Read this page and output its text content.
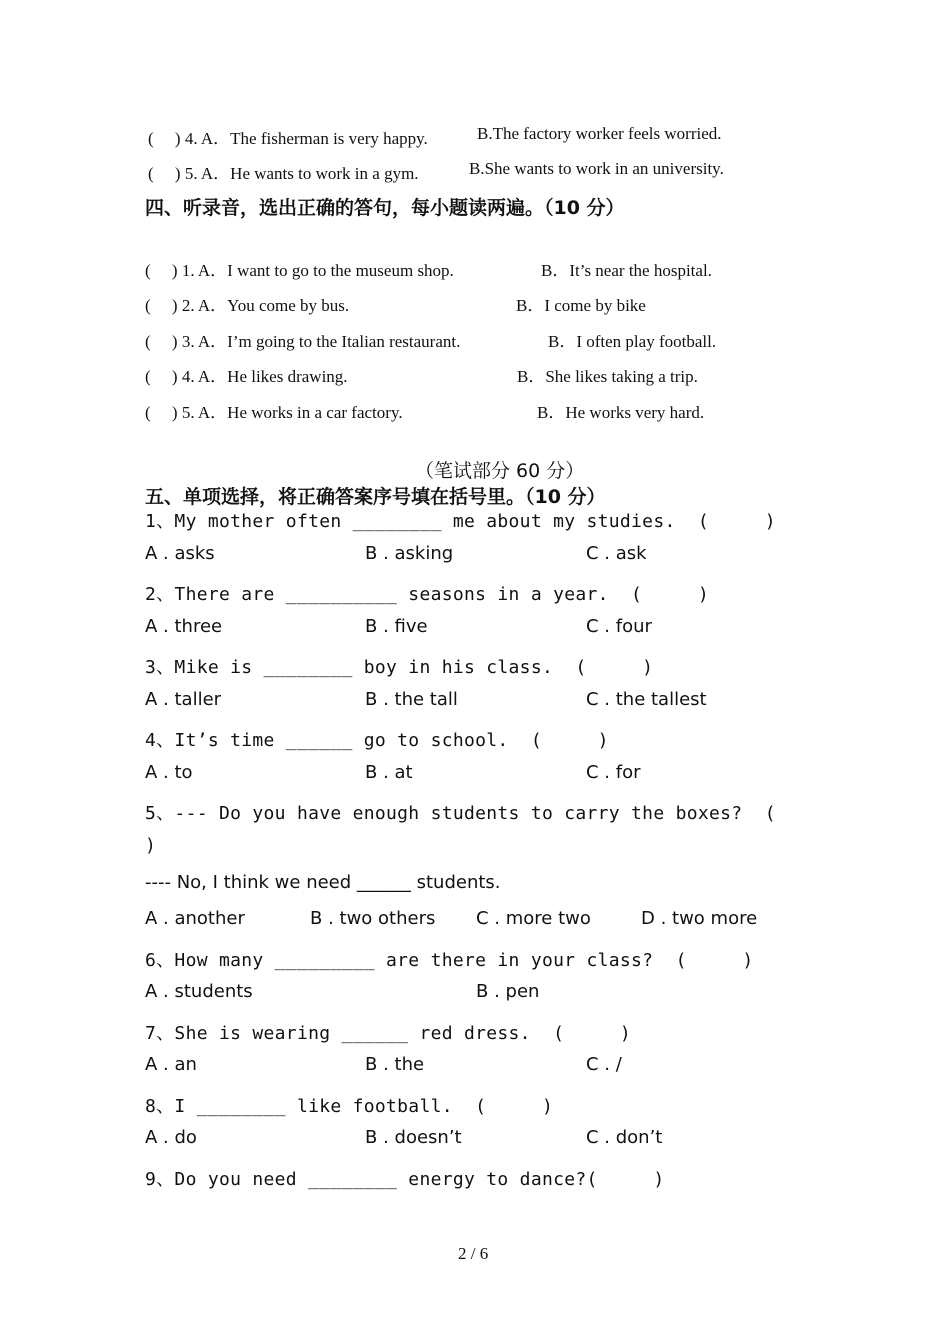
(     ) 4. A．The fisherman is very happy.	B.The factory worker feels worried.
(     ) 5. A．He wants to work in a gym.	B.She wants to work in an university.
四、听录音，选出正确的答句，每小题读两遍。（10 分）
(     ) 1. A．I want to go to the museum shop.	B．It’s near the hospital.
(     ) 2. A．You come by bus.	B．I come by bike
(     ) 3. A．I’m going to the Italian restaurant.	B．I often play football.
(     ) 4. A．He likes drawing.	B．She likes taking a trip.
(     ) 5. A．He works in a car factory.	B．He works very hard.
（笔试部分 60 分）
五、单项选择，将正确答案序号填在括号里。（10 分）
1、My mother often ________ me about my studies.  (     )
A . asks	B . asking	C . ask
2、There are __________ seasons in a year.  (     )
A . three	B . five	C . four
3、Mike is ________ boy in his class.  (     )
A . taller	B . the tall	C . the tallest
4、It’s time ______ go to school.  (     )
A . to	B . at	C . for
5、--- Do you have enough students to carry the boxes?  (
)
---- No, I think we need ______ students.
A . another	B . two others C . more two	D . two more
6、How many _________ are there in your class?  (     )
A . students	B . pen
7、She is wearing ______ red dress.  (     )
A . an	B . the	C . /
8、I ________ like football.  (     )
A . do	B . doesn’t	C . don’t
9、Do you need ________ energy to dance?(     )
2 / 6
